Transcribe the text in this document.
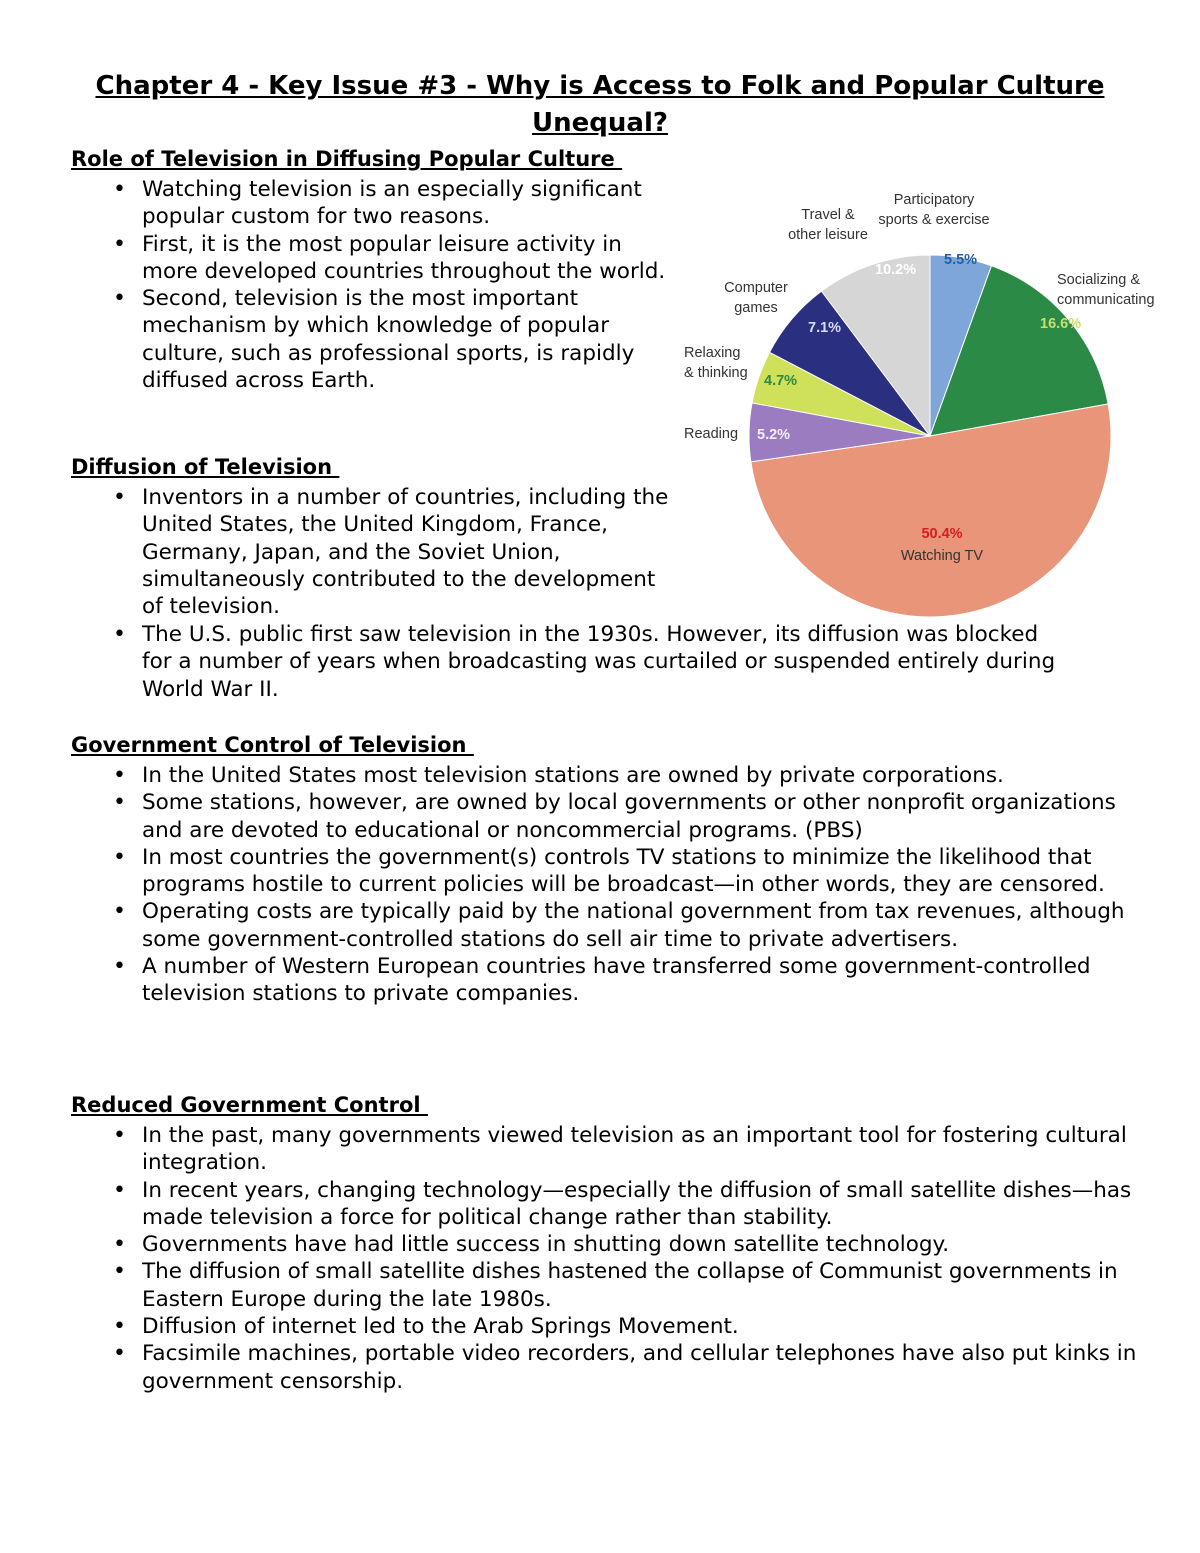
Chapter 4 - Key Issue #3 - Why is Access to Folk and Popular Culture Unequal?
Role of Television in Diffusing Popular Culture
• Watching television is an especially significant popular custom for two reasons.
• First, it is the most popular leisure activity in more developed countries throughout the world.
• Second, television is the most important mechanism by which knowledge of popular culture, such as professional sports, is rapidly diffused across Earth.
Diffusion of Television
• Inventors in a number of countries, including the United States, the United Kingdom, France, Germany, Japan, and the Soviet Union, simultaneously contributed to the development of television.
• The U.S. public first saw television in the 1930s. However, its diffusion was blocked for a number of years when broadcasting was curtailed or suspended entirely during World War II.
Government Control of Television
• In the United States most television stations are owned by private corporations.
• Some stations, however, are owned by local governments or other nonprofit organizations and are devoted to educational or noncommercial programs. (PBS)
• In most countries the government(s) controls TV stations to minimize the likelihood that programs hostile to current policies will be broadcast—in other words, they are censored.
• Operating costs are typically paid by the national government from tax revenues, although some government-controlled stations do sell air time to private advertisers.
• A number of Western European countries have transferred some government-controlled television stations to private companies.
Reduced Government Control
• In the past, many governments viewed television as an important tool for fostering cultural integration.
• In recent years, changing technology—especially the diffusion of small satellite dishes—has made television a force for political change rather than stability.
• Governments have had little success in shutting down satellite technology.
• The diffusion of small satellite dishes hastened the collapse of Communist governments in Eastern Europe during the late 1980s.
• Diffusion of internet led to the Arab Springs Movement.
• Facsimile machines, portable video recorders, and cellular telephones have also put kinks in government censorship.
Participatory sports & exercise
5.5%
Socializing & communicating
16.6%
Watching TV
50.4%
Reading 5.2%
Relaxing & thinking 4.7%
Computer games
7.1%
Travel & other leisure
10.2%
